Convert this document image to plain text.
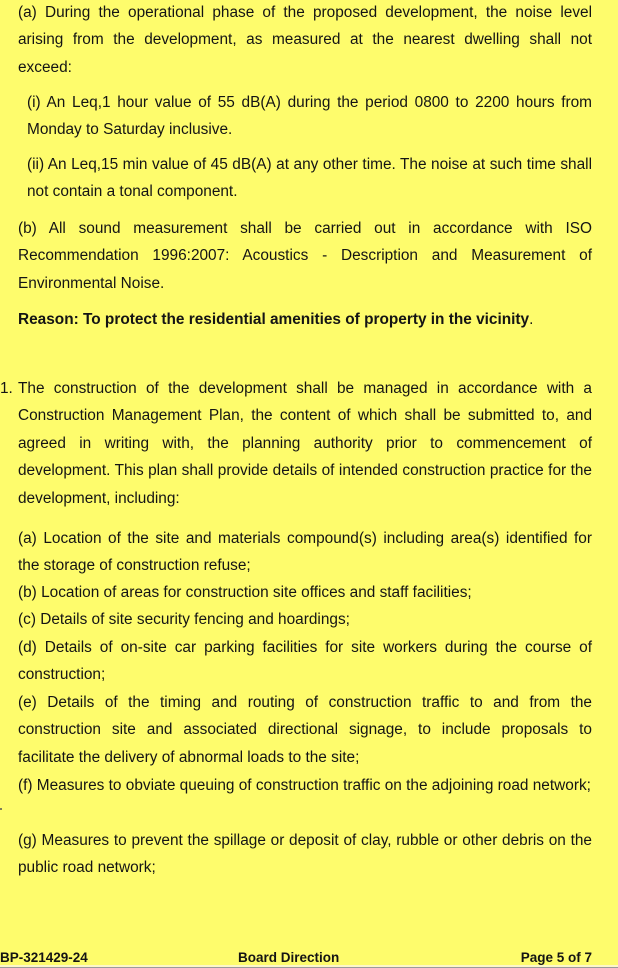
(a) During the operational phase of the proposed development, the noise level arising from the development, as measured at the nearest dwelling shall not exceed:
(i) An Leq,1 hour value of 55 dB(A) during the period 0800 to 2200 hours from Monday to Saturday inclusive.
(ii) An Leq,15 min value of 45 dB(A) at any other time. The noise at such time shall not contain a tonal component.
(b) All sound measurement shall be carried out in accordance with ISO Recommendation 1996:2007: Acoustics - Description and Measurement of Environmental Noise.
Reason: To protect the residential amenities of property in the vicinity.
1. The construction of the development shall be managed in accordance with a Construction Management Plan, the content of which shall be submitted to, and agreed in writing with, the planning authority prior to commencement of development. This plan shall provide details of intended construction practice for the development, including:
(a) Location of the site and materials compound(s) including area(s) identified for the storage of construction refuse;
(b) Location of areas for construction site offices and staff facilities;
(c) Details of site security fencing and hoardings;
(d) Details of on-site car parking facilities for site workers during the course of construction;
(e) Details of the timing and routing of construction traffic to and from the construction site and associated directional signage, to include proposals to facilitate the delivery of abnormal loads to the site;
(f) Measures to obviate queuing of construction traffic on the adjoining road network;
(g) Measures to prevent the spillage or deposit of clay, rubble or other debris on the public road network;
BP-321429-24	Board Direction	Page 5 of 7
